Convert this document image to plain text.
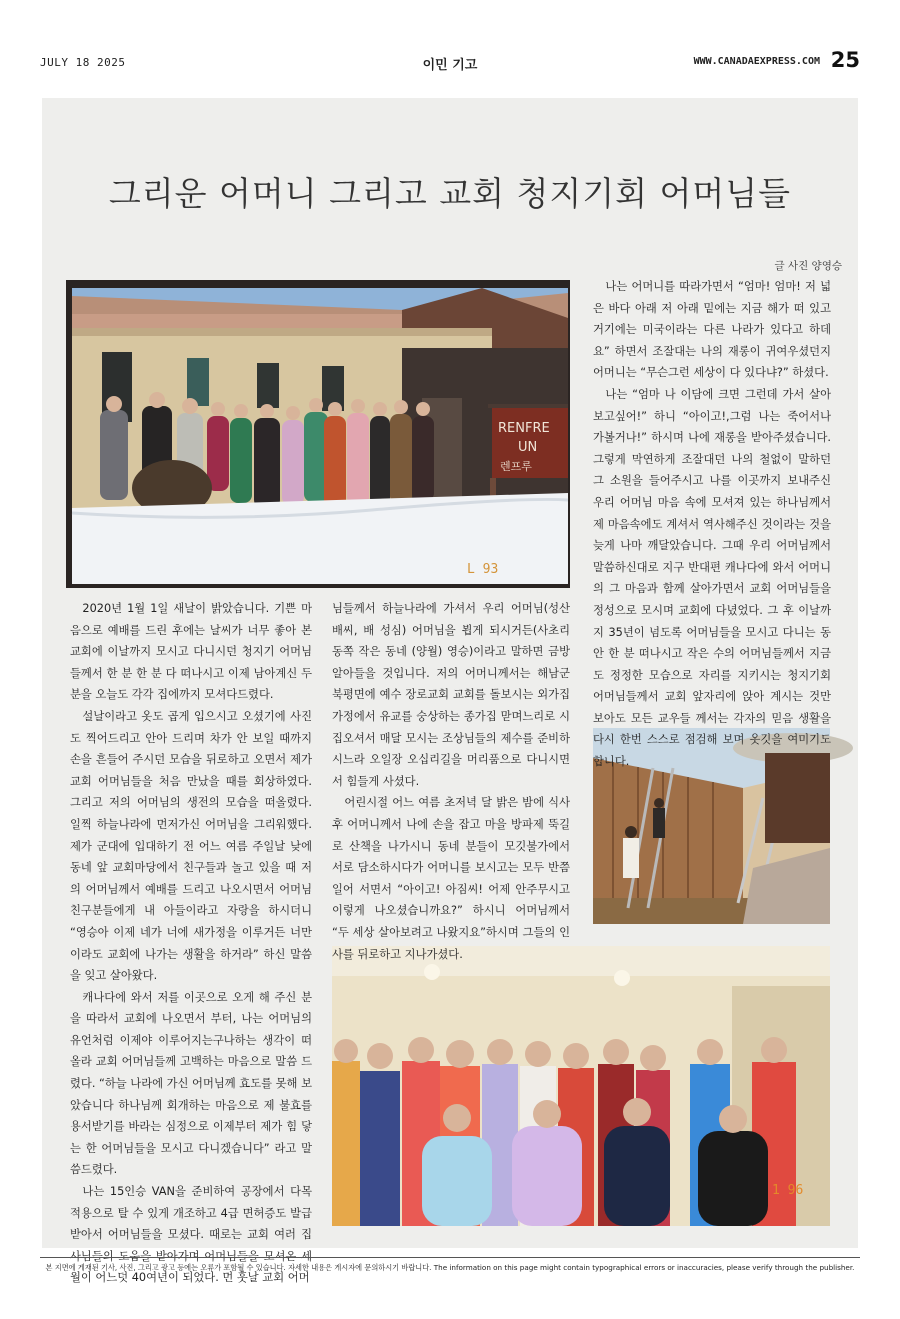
JULY 18 2025	이민 기고	WWW.CANADAEXPRESS.COM 25
그리운 어머니 그리고 교회 청지기회 어머님들
글 사진 양영승
RENFRE
UN
렌프루
L 93
1 96

2020년 1월 1일 새날이 밝았습니다. 기쁜 마음으로 예배를 드린 후에는 날씨가 너무 좋아 본 교회에 이날까지 모시고 다니시던 청지기 어머님들께서 한 분 한 분 다 떠나시고 이제 남아계신 두 분을 오늘도 각각 집에까지 모셔다드렸다.

설날이라고 옷도 곱게 입으시고 오셨기에 사진도 찍어드리고 안아 드리며 차가 안 보일 때까지 손을 흔들어 주시던 모습을 뒤로하고 오면서 제가 교회 어머님들을 처음 만났을 때를 회상하였다. 그리고 저의 어머님의 생전의 모습을 떠올렸다. 일찍 하늘나라에 먼저가신 어머님을 그리워했다. 제가 군대에 입대하기 전 어느 여름 주일날 낮에 동네 앞 교회마당에서 친구들과 놀고 있을 때 저의 어머님께서 예배를 드리고 나오시면서 어머님 친구분들에게 내 아들이라고 자랑을 하시더니 “영승아 이제 네가 너에 새가정을 이루거든 너만이라도 교회에 나가는 생활을 하거라” 하신 말씀을 잊고 살아왔다.

캐나다에 와서 저를 이곳으로 오게 해 주신 분을 따라서 교회에 나오면서 부터, 나는 어머님의 유언처럼 이제야 이루어지는구나하는 생각이 떠올라 교회 어머님들께 고백하는 마음으로 말씀 드렸다. “하늘 나라에 가신 어머님께 효도를 못해 보았습니다 하나님께 회개하는 마음으로 제 불효를 용서받기를 바라는 심정으로 이제부터 제가 힘 닿는 한 어머님들을 모시고 다니겠습니다” 라고 말씀드렸다.

나는 15인승 VAN을 준비하여 공장에서 다목적용으로 탈 수 있게 개조하고 4급 면허증도 발급받아서 어머님들을 모셨다. 때로는 교회 여러 집 월이 어느덧 40여년이 되었다. 먼 훗날 교회 어머

님들께서 하늘나라에 가셔서 우리 어머님(성산 배씨, 배 성심) 어머님을 뵙게 되시거든(사초리 동쪽 작은 동네 (양월) 영승)이라고 말하면 금방 알아들을 것입니다. 저의 어머니께서는 해남군 북평면에 예수 장로교회 교회를 돌보시는 외가집 가정에서 유교를 숭상하는 종가집 맏며느리로 시집오셔서 매달 모시는 조상님들의 제수를 준비하시느라 오일장 오십리길을 머리품으로 다니시면서 힘들게 사셨다.

어린시절 어느 여름 초저녁 달 밝은 밤에 식사 후 어머니께서 나에 손을 잡고 마을 방파제 뚝길로 산책을 나가시니 동네 분들이 모깃불가에서 서로 담소하시다가 어머니를 보시고는 모두 반쯤 일어 서면서 “아이고! 아짐씨! 어제 안주무시고 이렇게 나오셨습니까요?” 하시니 어머님께서 “두 세상 살아보려고 나왔지요”하시며 그들의 인사를 뒤로하고 지나가셨다.

나는 어머니를 따라가면서 “엄마! 엄마! 저 넓은 바다 아래 저 아래 밑에는 지금 해가 떠 있고 거기에는 미국이라는 다른 나라가 있다고 하데요” 하면서 조잘대는 나의 재롱이 귀여우셨던지 어머니는 “무슨그런 세상이 다 있다냐?” 하셨다.

나는 “엄마 나 이담에 크면 그런데 가서 살아보고싶어!” 하니 “아이고!,그럼 나는 죽어서나 가볼거나!” 하시며 나에 재롱을 받아주셨습니다. 그렇게 막연하게 조잘대던 나의 철없이 말하던 그 소원을 들어주시고 나를 이곳까지 보내주신 우리 어머님 마음 속에 모셔져 있는 하나님께서 제 마음속에도 계셔서 역사해주신 것이라는 것을 늦게 나마 깨달았습니다. 그때 우리 어머님께서 말씀하신대로 지구 반대편 캐나다에 와서 어머니의 그 마음과 함께 살아가면서 교회 어머님들을 정성으로 모시며 교회에 다녔었다. 그 후 이날까지 35년이 넘도록 어머님들을 모시고 다니는 동안 한 분 떠나시고 작은 수의 어머님들께서 지금도 정정한 모습으로 자리를 지키시는 청지기회 어머님들께서 교회 앞자리에 앉아 계시는 것만 보아도 모든 교우들 께서는 각자의 믿음 생활을 다시 한번 스스로 점검해 보며 옷깃을 여미기도 합니다.

본 지면에 게재된 기사, 사진, 그리고 광고 등에는 오류가 포함될 수 있습니다. 자세한 내용은 게시자에 문의하시기 바랍니다. The information on this page might contain typographical errors or inaccuracies, please verify through the publisher.
